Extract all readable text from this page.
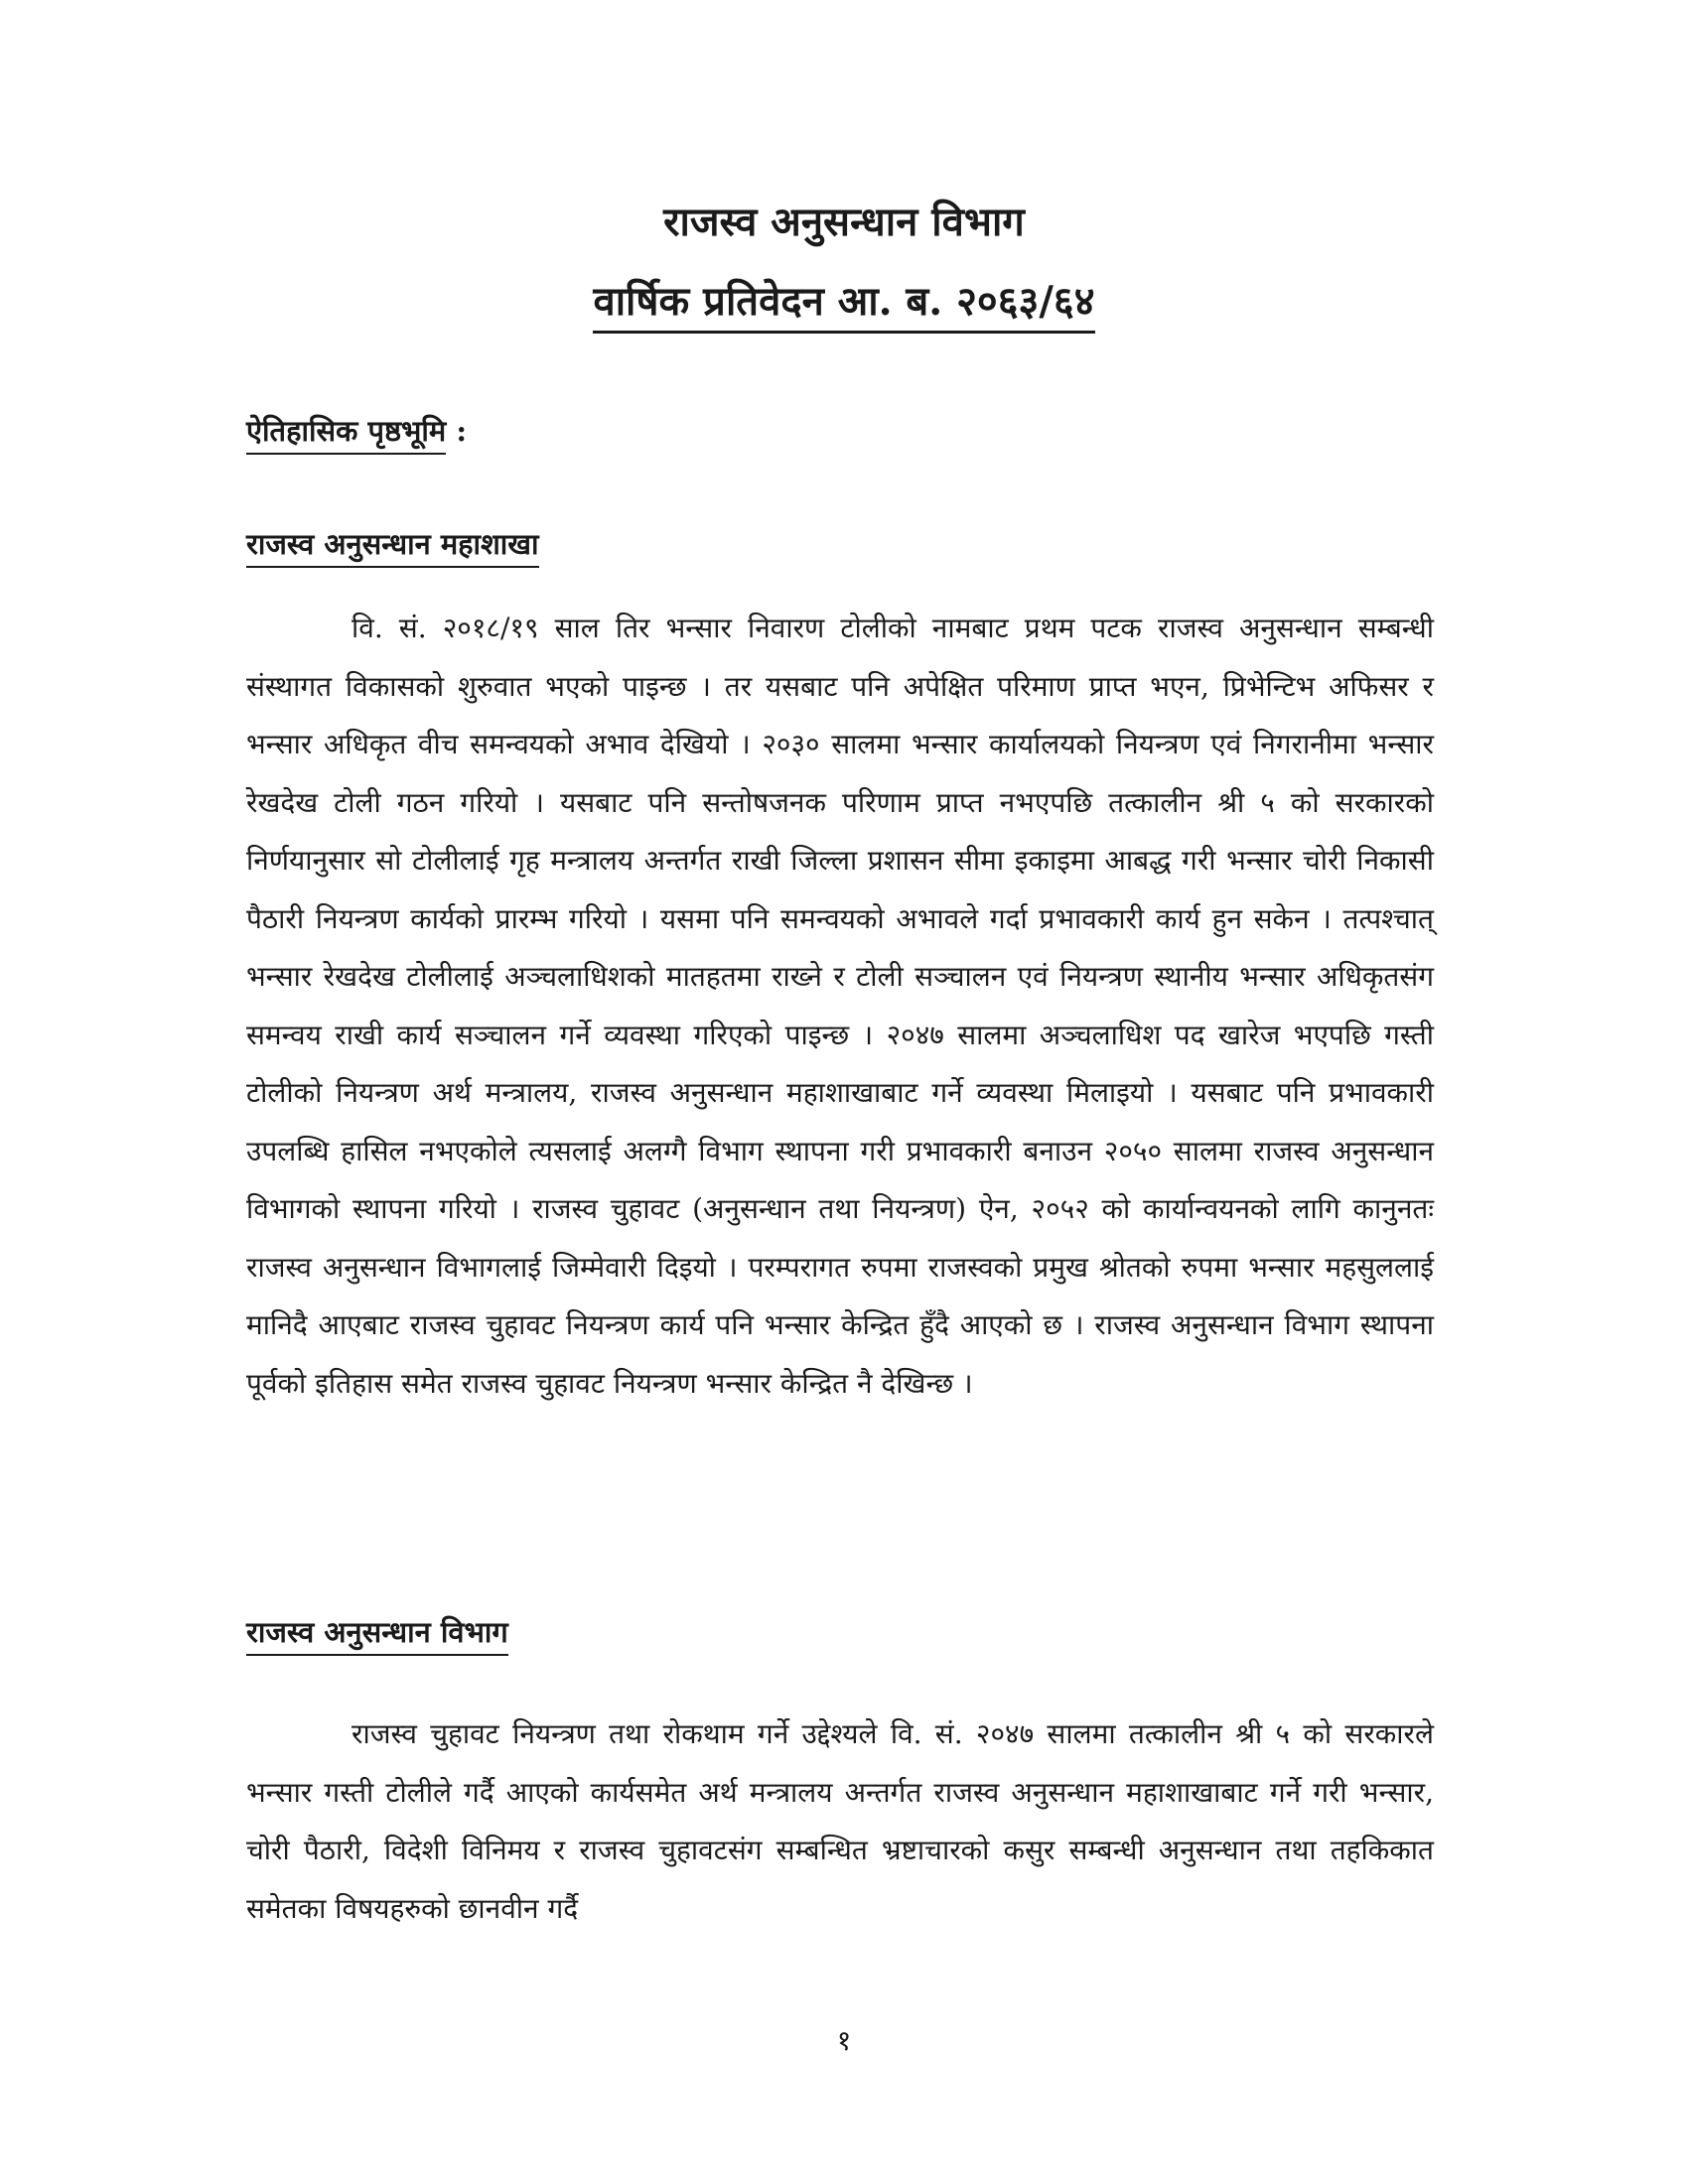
राजस्व अनुसन्धान विभाग
वार्षिक प्रतिवेदन आ. ब. २०६३/६४
ऐतिहासिक पृष्ठभूमि :
राजस्व अनुसन्धान महाशाखा

वि. सं. २०१८/१९ साल तिर भन्सार निवारण टोलीको नामबाट प्रथम पटक राजस्व अनुसन्धान सम्बन्धी संस्थागत विकासको शुरुवात भएको पाइन्छ । तर यसबाट पनि अपेक्षित परिमाण प्राप्त भएन, प्रिभेन्टिभ अफिसर र भन्सार अधिकृत वीच समन्वयको अभाव देखियो । २०३० सालमा भन्सार कार्यालयको नियन्त्रण एवं निगरानीमा भन्सार रेखदेख टोली गठन गरियो । यसबाट पनि सन्तोषजनक परिणाम प्राप्त नभएपछि तत्कालीन श्री ५ को सरकारको निर्णयानुसार सो टोलीलाई गृह मन्त्रालय अन्तर्गत राखी जिल्ला प्रशासन सीमा इकाइमा आबद्ध गरी भन्सार चोरी निकासी पैठारी नियन्त्रण कार्यको प्रारम्भ गरियो । यसमा पनि समन्वयको अभावले गर्दा प्रभावकारी कार्य हुन सकेन । तत्पश्चात् भन्सार रेखदेख टोलीलाई अञ्चलाधिशको मातहतमा राख्ने र टोली सञ्चालन एवं नियन्त्रण स्थानीय भन्सार अधिकृतसंग समन्वय राखी कार्य सञ्चालन गर्ने व्यवस्था गरिएको पाइन्छ । २०४७ सालमा अञ्चलाधिश पद खारेज भएपछि गस्ती टोलीको नियन्त्रण अर्थ मन्त्रालय, राजस्व अनुसन्धान महाशाखाबाट गर्ने व्यवस्था मिलाइयो । यसबाट पनि प्रभावकारी उपलब्धि हासिल नभएकोले त्यसलाई अलग्गै विभाग स्थापना गरी प्रभावकारी बनाउन २०५० सालमा राजस्व अनुसन्धान विभागको स्थापना गरियो । राजस्व चुहावट (अनुसन्धान तथा नियन्त्रण) ऐन, २०५२ को कार्यान्वयनको लागि कानुनतः राजस्व अनुसन्धान विभागलाई जिम्मेवारी दिइयो । परम्परागत रुपमा राजस्वको प्रमुख श्रोतको रुपमा भन्सार महसुललाई मानिदै आएबाट राजस्व चुहावट नियन्त्रण कार्य पनि भन्सार केन्द्रित हुँदै आएको छ । राजस्व अनुसन्धान विभाग स्थापना पूर्वको इतिहास समेत राजस्व चुहावट नियन्त्रण भन्सार केन्द्रित नै देखिन्छ ।

राजस्व अनुसन्धान विभाग

राजस्व चुहावट नियन्त्रण तथा रोकथाम गर्ने उद्देश्यले वि. सं. २०४७ सालमा तत्कालीन श्री ५ को सरकारले भन्सार गस्ती टोलीले गर्दै आएको कार्यसमेत अर्थ मन्त्रालय अन्तर्गत राजस्व अनुसन्धान महाशाखाबाट गर्ने गरी भन्सार, चोरी पैठारी, विदेशी विनिमय र राजस्व चुहावटसंग सम्बन्धित भ्रष्टाचारको कसुर सम्बन्धी अनुसन्धान तथा तहकिकात समेतका विषयहरुको छानवीन गर्दै

१
